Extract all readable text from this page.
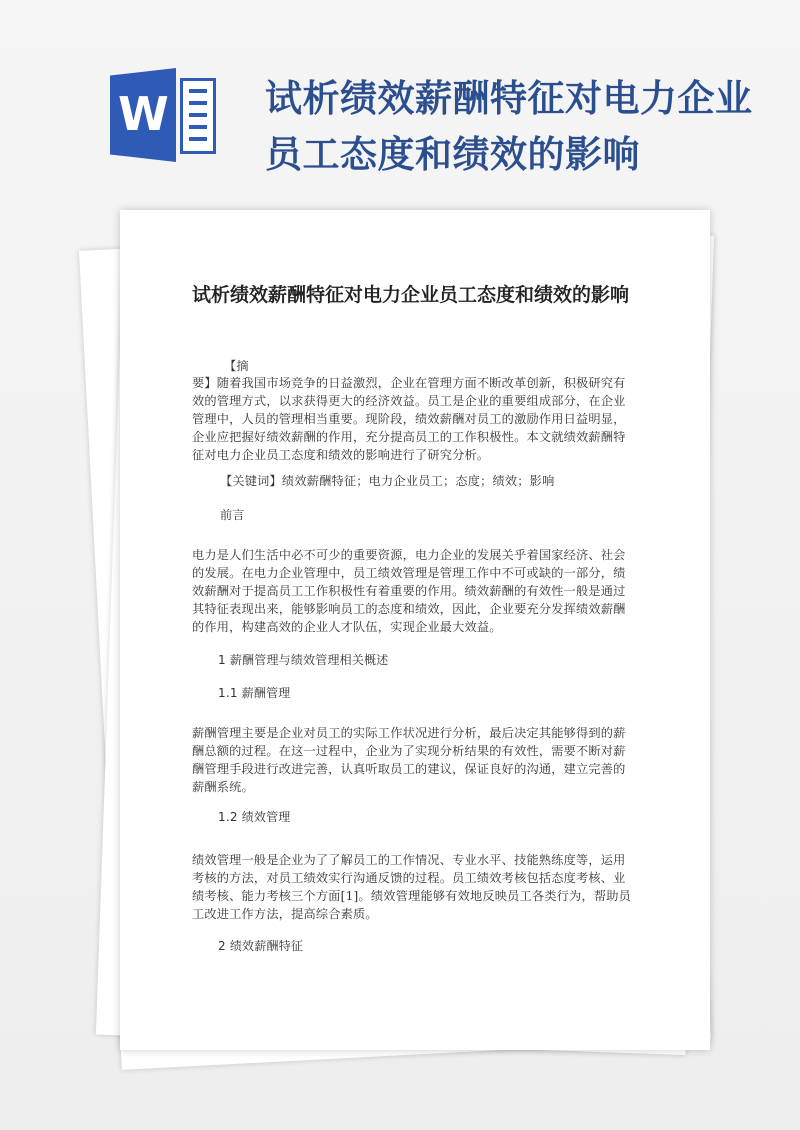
W	试析绩效薪酬特征对电力企业员工态度和绩效的影响
试析绩效薪酬特征对电力企业员工态度和绩效的影响
【摘
要】随着我国市场竞争的日益激烈，企业在管理方面不断改革创新，积极研究有效的管理方式，以求获得更大的经济效益。员工是企业的重要组成部分，在企业管理中，人员的管理相当重要。现阶段，绩效薪酬对员工的激励作用日益明显，企业应把握好绩效薪酬的作用，充分提高员工的工作积极性。本文就绩效薪酬特征对电力企业员工态度和绩效的影响进行了研究分析。
【关键词】绩效薪酬特征；电力企业员工；态度；绩效；影响
前言
电力是人们生活中必不可少的重要资源，电力企业的发展关乎着国家经济、社会的发展。在电力企业管理中，员工绩效管理是管理工作中不可或缺的一部分，绩效薪酬对于提高员工工作积极性有着重要的作用。绩效薪酬的有效性一般是通过其特征表现出来，能够影响员工的态度和绩效，因此，企业要充分发挥绩效薪酬的作用，构建高效的企业人才队伍，实现企业最大效益。
1 薪酬管理与绩效管理相关概述
1.1 薪酬管理
薪酬管理主要是企业对员工的实际工作状况进行分析，最后决定其能够得到的薪酬总额的过程。在这一过程中，企业为了实现分析结果的有效性，需要不断对薪酬管理手段进行改进完善，认真听取员工的建议，保证良好的沟通，建立完善的薪酬系统。
1.2 绩效管理
绩效管理一般是企业为了了解员工的工作情况、专业水平、技能熟练度等，运用考核的方法，对员工绩效实行沟通反馈的过程。员工绩效考核包括态度考核、业绩考核、能力考核三个方面[1]。绩效管理能够有效地反映员工各类行为，帮助员工改进工作方法，提高综合素质。
2 绩效薪酬特征
